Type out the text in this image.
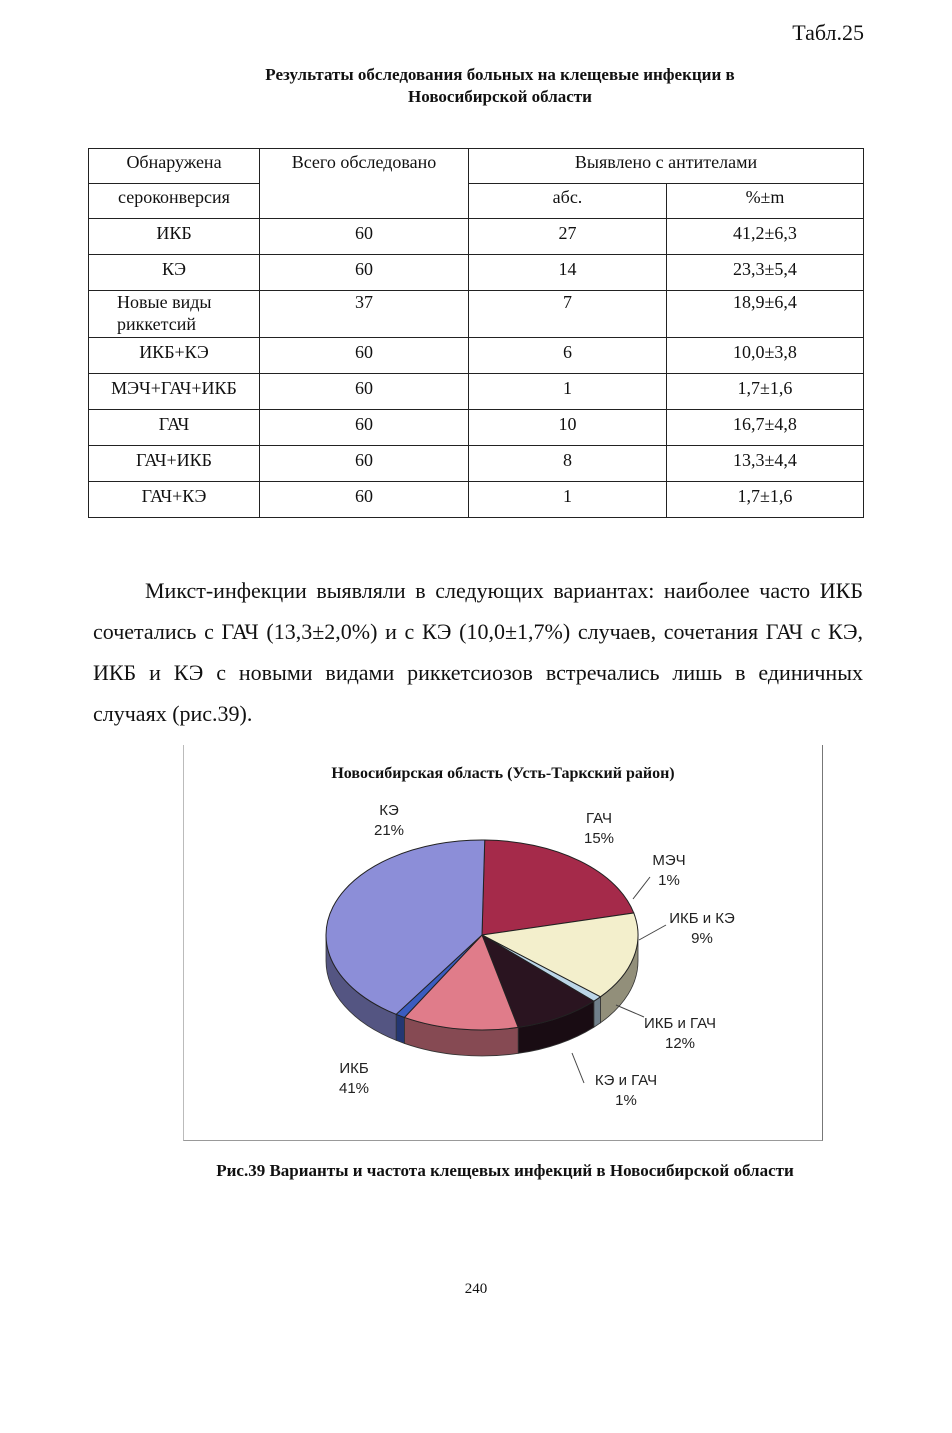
Табл.25
Результаты обследования больных на клещевые инфекции в
Новосибирской области
Обнаружена	Всего обследовано	Выявлено с антителами	
сероконверсия		абс.	%±m
ИКБ	60	27	41,2±6,3
КЭ	60	14	23,3±5,4
Новые виды риккетсий	37	7	18,9±6,4
ИКБ+КЭ	60	6	10,0±3,8
МЭЧ+ГАЧ+ИКБ	60	1	1,7±1,6
ГАЧ	60	10	16,7±4,8
ГАЧ+ИКБ	60	8	13,3±4,4
ГАЧ+КЭ	60	1	1,7±1,6

Микст-инфекции выявляли в следующих вариантах: наиболее часто ИКБ сочетались с ГАЧ (13,3±2,0%) и с КЭ (10,0±1,7%) случаев, сочетания ГАЧ с КЭ, ИКБ и КЭ с новыми видами риккетсиозов встречались лишь в единичных случаях (рис.39).

Новосибирская область (Усть-Таркский район)
КЭ
21%
ГАЧ
15%
МЭЧ
1%
ИКБ и КЭ
9%
ИКБ и ГАЧ
12%
КЭ и ГАЧ
1%
ИКБ
41%
Рис.39 Варианты и частота клещевых инфекций в Новосибирской области
240
